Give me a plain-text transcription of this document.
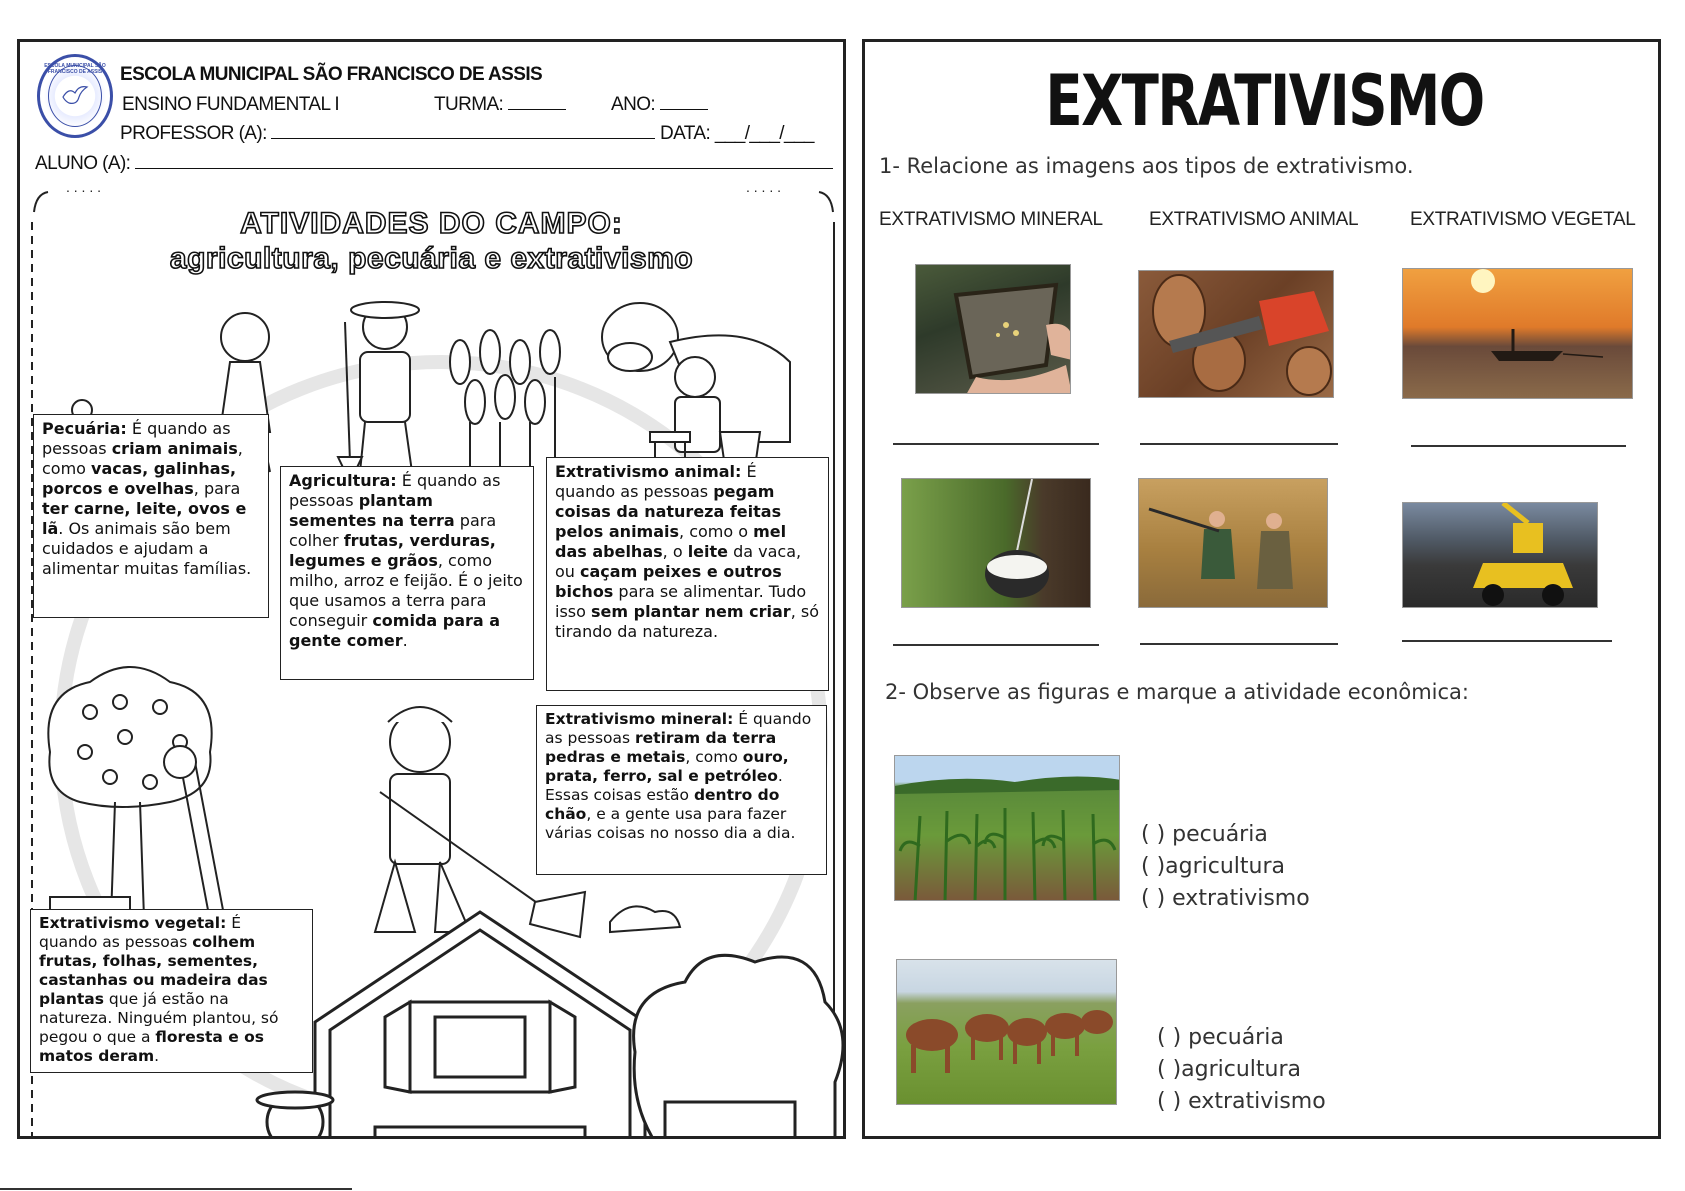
ESCOLA MUNICIPAL SÃO FRANCISCO DE ASSIS ESCOLA MUNICIPAL SÃO FRANCISCO DE ASSIS
ENSINO FUNDAMENTAL I	TURMA:	ANO:
PROFESSOR (A):	DATA: ___/___/___
ALUNO (A):
. . . . .	. . . . .
ATIVIDADES DO CAMPO:
agricultura, pecuária e extrativismo
Pecuária: É quando as pessoas criam animais, como vacas, galinhas, porcos e ovelhas, para ter carne, leite, ovos e lã. Os animais são bem cuidados e ajudam a alimentar muitas famílias.
Agricultura: É quando as pessoas plantam sementes na terra para colher frutas, verduras, legumes e grãos, como milho, arroz e feijão. É o jeito que usamos a terra para conseguir comida para a gente comer.
Extrativismo animal: É quando as pessoas pegam coisas da natureza feitas pelos animais, como o mel das abelhas, o leite da vaca, ou caçam peixes e outros bichos para se alimentar. Tudo isso sem plantar nem criar, só tirando da natureza.
Extrativismo mineral: É quando as pessoas retiram da terra pedras e metais, como ouro, prata, ferro, sal e petróleo. Essas coisas estão dentro do chão, e a gente usa para fazer várias coisas no nosso dia a dia.
Extrativismo vegetal: É quando as pessoas colhem frutas, folhas, sementes, castanhas ou madeira das plantas que já estão na natureza. Ninguém plantou, só pegou o que a floresta e os matos deram.
EXTRATIVISMO
1- Relacione as imagens aos tipos de extrativismo.
EXTRATIVISMO MINERAL EXTRATIVISMO ANIMAL	EXTRATIVISMO VEGETAL
2- Observe as figuras e marque a atividade econômica:
( ) pecuária
( )agricultura
( ) extrativismo
( ) pecuária
( )agricultura
( ) extrativismo
